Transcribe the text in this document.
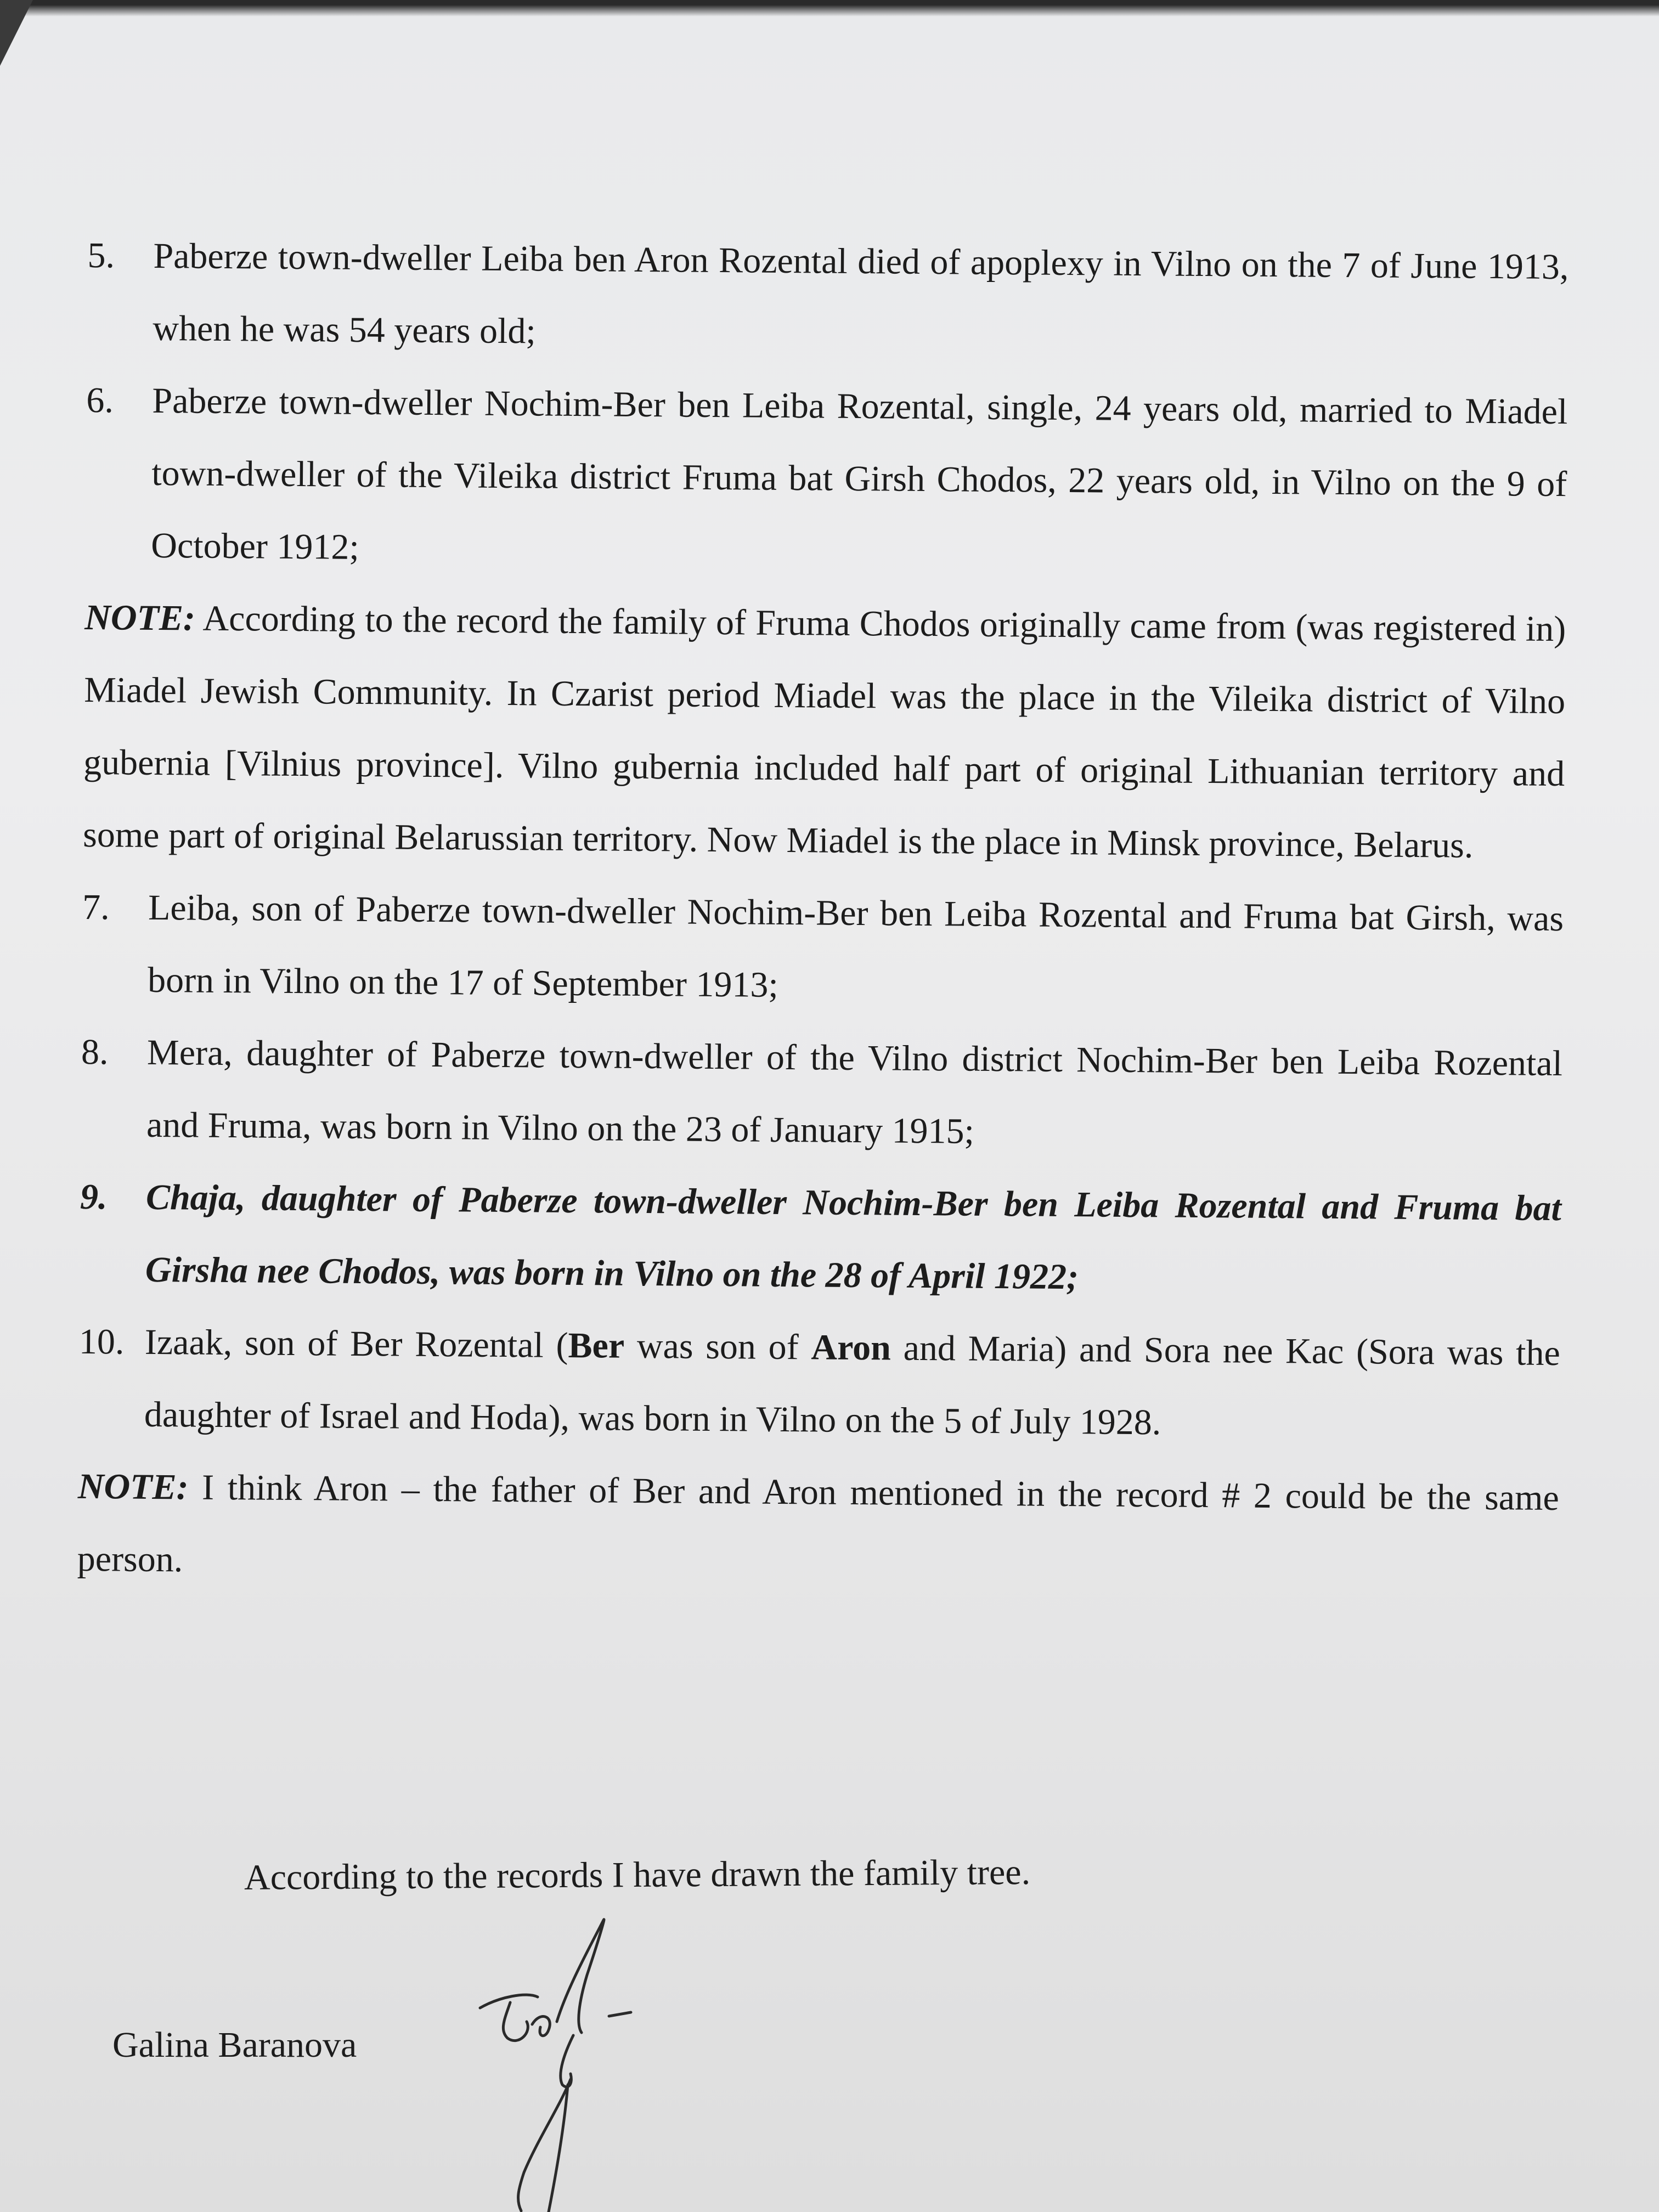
5. Paberze town-dweller Leiba ben Aron Rozental died of apoplexy in Vilno on the 7 of June 1913, when he was 54 years old;
6. Paberze town-dweller Nochim-Ber ben Leiba Rozental, single, 24 years old, married to Miadel town-dweller of the Vileika district Fruma bat Girsh Chodos, 22 years old, in Vilno on the 9 of October 1912;
NOTE: According to the record the family of Fruma Chodos originally came from (was registered in) Miadel Jewish Community. In Czarist period Miadel was the place in the Vileika district of Vilno gubernia [Vilnius province]. Vilno gubernia included half part of original Lithuanian territory and some part of original Belarussian territory. Now Miadel is the place in Minsk province, Belarus.
7. Leiba, son of Paberze town-dweller Nochim-Ber ben Leiba Rozental and Fruma bat Girsh, was born in Vilno on the 17 of September 1913;
8. Mera, daughter of Paberze town-dweller of the Vilno district Nochim-Ber ben Leiba Rozental and Fruma, was born in Vilno on the 23 of January 1915;
9. Chaja, daughter of Paberze town-dweller Nochim-Ber ben Leiba Rozental and Fruma bat Girsha nee Chodos, was born in Vilno on the 28 of April 1922;
10. Izaak, son of Ber Rozental (Ber was son of Aron and Maria) and Sora nee Kac (Sora was the daughter of Israel and Hoda), was born in Vilno on the 5 of July 1928.
NOTE: I think Aron – the father of Ber and Aron mentioned in the record # 2 could be the same person.
According to the records I have drawn the family tree.
Galina Baranova
